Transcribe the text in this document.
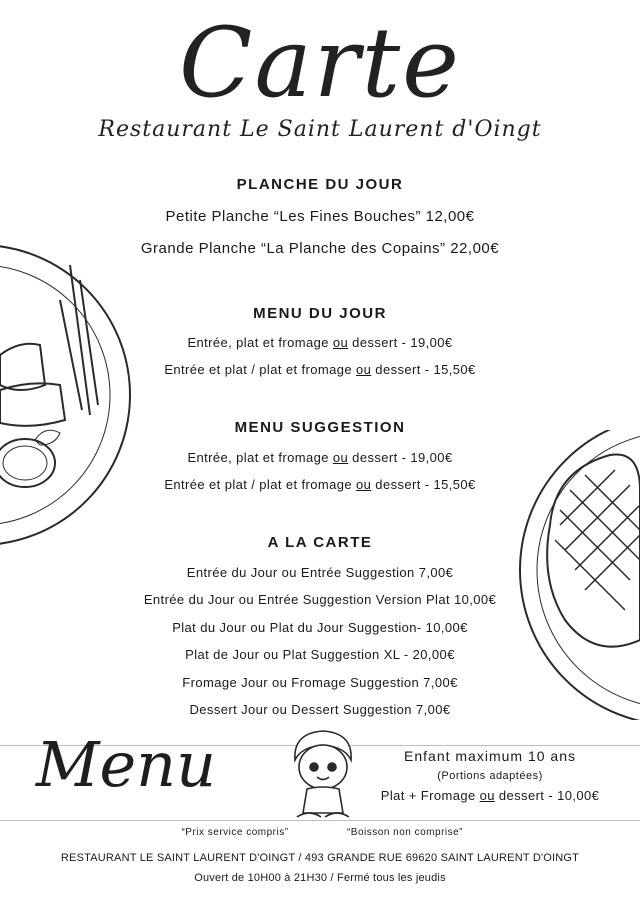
Carte
Restaurant Le Saint Laurent d'Oingt
PLANCHE DU JOUR
Petite Planche “Les Fines Bouches” 12,00€
Grande Planche “La Planche des Copains” 22,00€
MENU DU JOUR
Entrée, plat et fromage ou dessert - 19,00€
Entrée et plat / plat et fromage ou dessert - 15,50€
MENU SUGGESTION
Entrée, plat et fromage ou dessert - 19,00€
Entrée et plat / plat et fromage ou dessert - 15,50€
A LA CARTE
Entrée du Jour ou Entrée Suggestion 7,00€
Entrée du Jour ou Entrée Suggestion Version Plat 10,00€
Plat du Jour ou Plat du Jour Suggestion- 10,00€
Plat de Jour ou Plat Suggestion XL - 20,00€
Fromage Jour ou Fromage Suggestion 7,00€
Dessert Jour ou Dessert Suggestion 7,00€
Menu	Enfant maximum 10 ans
(Portions adaptées)
Plat + Fromage ou dessert - 10,00€
“Prix service compris”	“Boisson non comprise”
RESTAURANT LE SAINT LAURENT D'OINGT / 493 GRANDE RUE 69620 SAINT LAURENT D'OINGT
Ouvert de 10H00 à 21H30 / Fermé tous les jeudis
